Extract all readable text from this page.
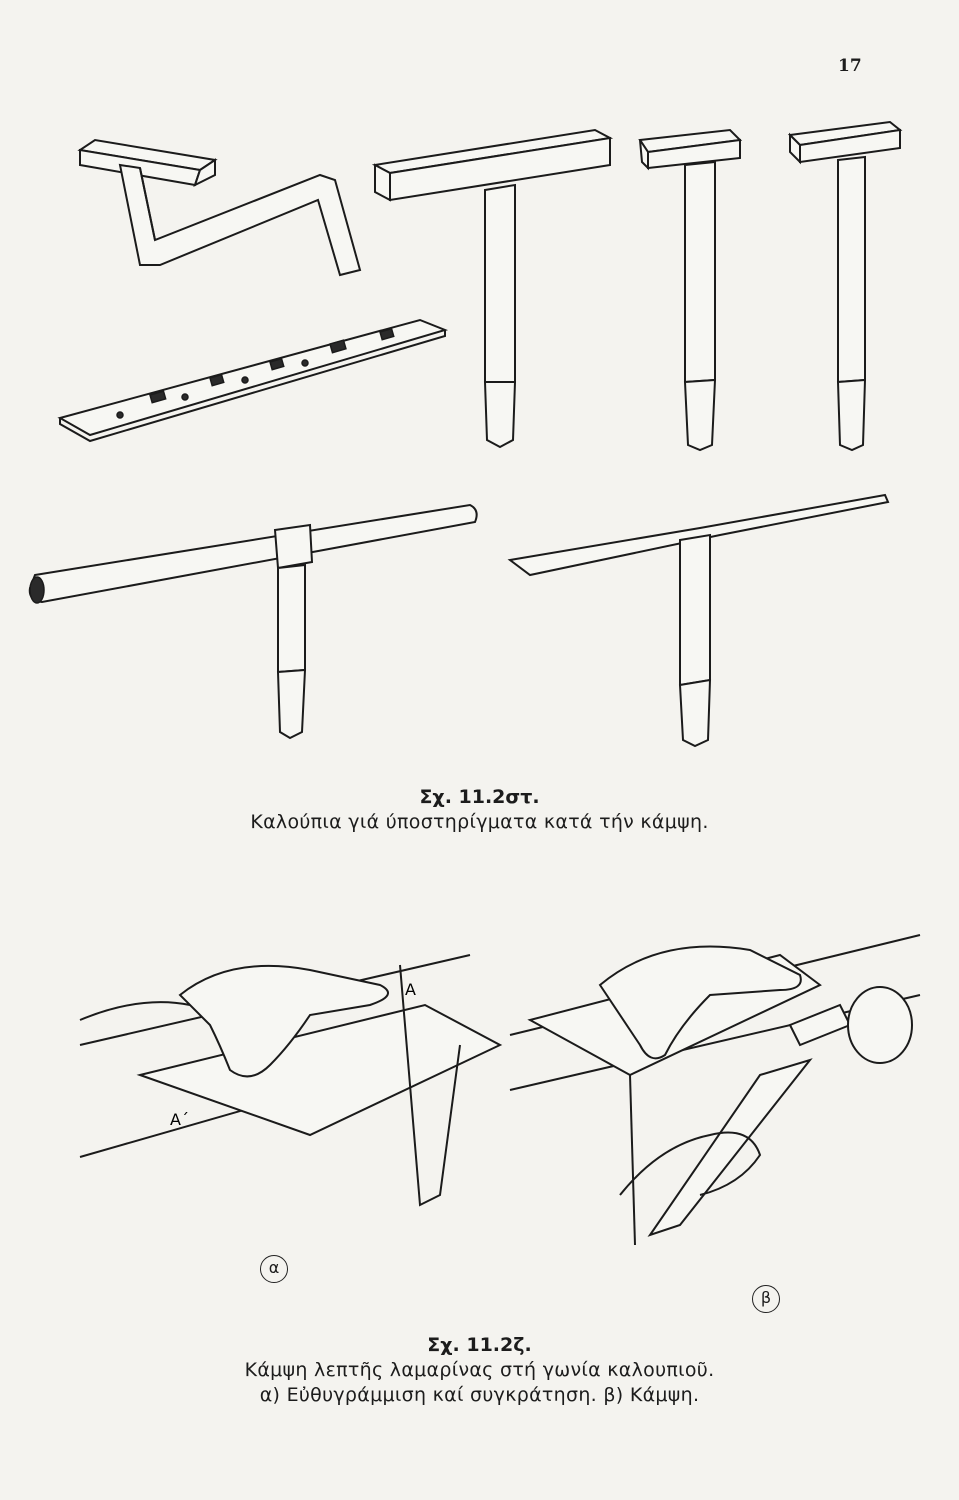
17
Σχ. 11.2στ.
Καλούπια γιά ύποστηρίγματα κατά τήν κάμψη.
Α
Α΄
α
β
Σχ. 11.2ζ.
Κάμψη λεπτῆς λαμαρίνας στή γωνία καλουπιοῦ.
α) Εὐθυγράμμιση καί συγκράτηση. β) Κάμψη.
